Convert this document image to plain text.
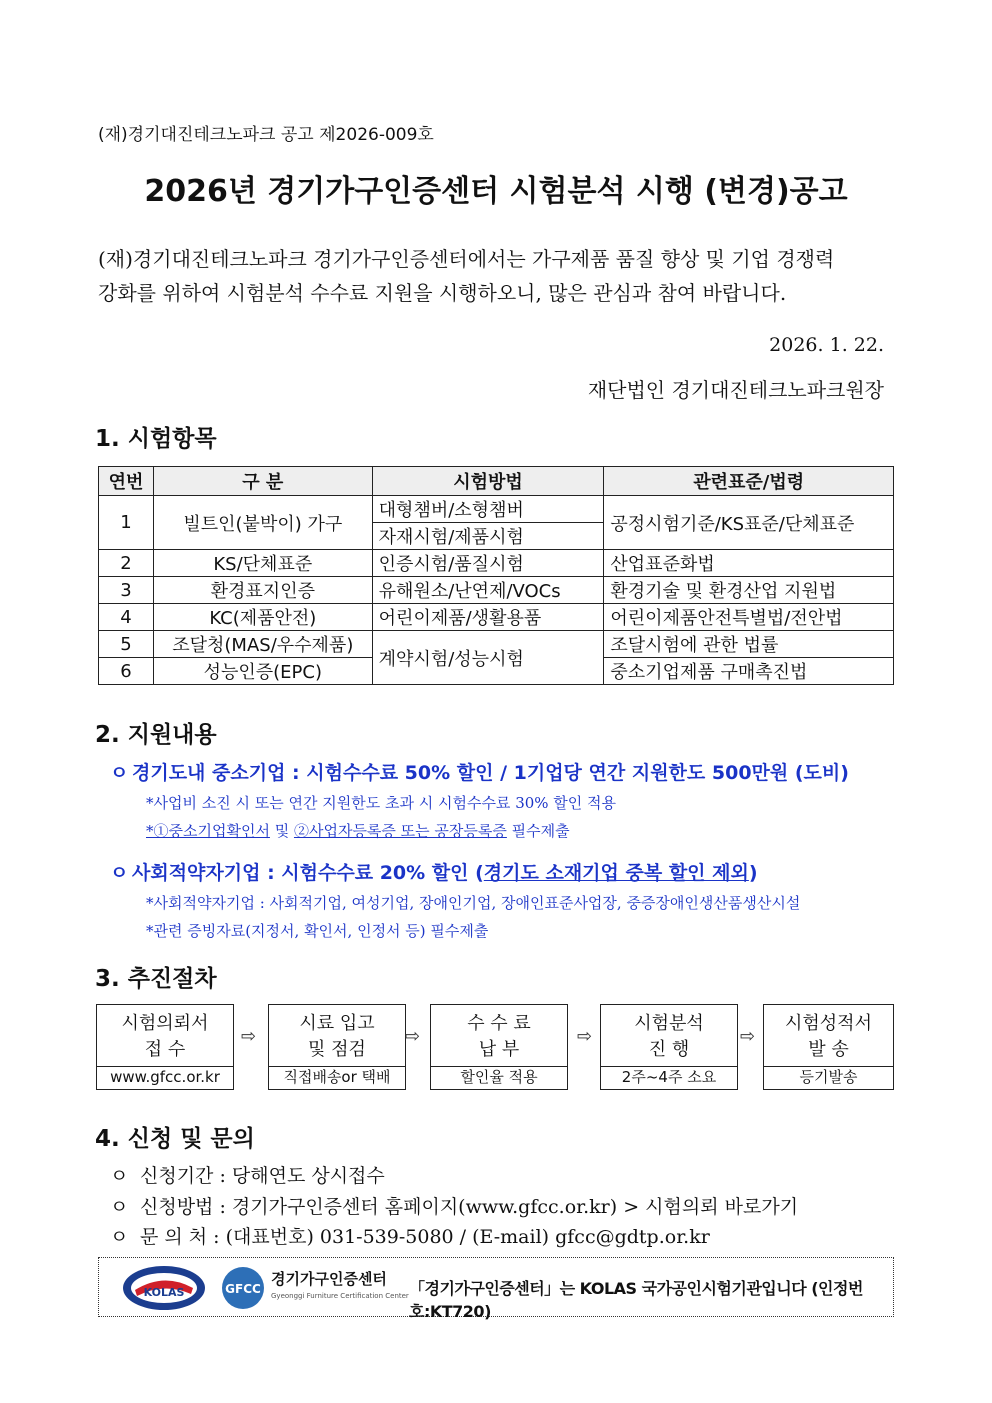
(재)경기대진테크노파크 공고 제2026-009호
2026년 경기가구인증센터 시험분석 시행 (변경)공고
(재)경기대진테크노파크 경기가구인증센터에서는 가구제품 품질 향상 및 기업 경쟁력
강화를 위하여 시험분석 수수료 지원을 시행하오니, 많은 관심과 참여 바랍니다.
2026. 1. 22.
재단법인 경기대진테크노파크원장
1. 시험항목
연번	구 분	시험방법	관련표준/법령
1	빌트인(붙박이) 가구	대형챔버/소형챔버	공정시험기준/KS표준/단체표준
		자재시험/제품시험	
2	KS/단체표준	인증시험/품질시험	산업표준화법
3	환경표지인증	유해원소/난연제/VOCs	환경기술 및 환경산업 지원법
4	KC(제품안전)	어린이제품/생활용품	어린이제품안전특별법/전안법
5	조달청(MAS/우수제품)	계약시험/성능시험	조달시험에 관한 법률
6	성능인증(EPC)		중소기업제품 구매촉진법
2. 지원내용
ㅇ 경기도내 중소기업 : 시험수수료 50% 할인 / 1기업당 연간 지원한도 500만원 (도비)
*사업비 소진 시 또는 연간 지원한도 초과 시 시험수수료 30% 할인 적용
*①중소기업확인서 및 ②사업자등록증 또는 공장등록증 필수제출
ㅇ 사회적약자기업 : 시험수수료 20% 할인 (경기도 소재기업 중복 할인 제외)
*사회적약자기업 : 사회적기업, 여성기업, 장애인기업, 장애인표준사업장, 중증장애인생산품생산시설
*관련 증빙자료(지정서, 확인서, 인정서 등) 필수제출
3. 추진절차
시험의뢰서
접 수
www.gfcc.or.kr
⇨
시료 입고
및 점검
직접배송or 택배
⇨
수 수 료
납 부
할인율 적용
⇨
시험분석
진 행
2주~4주 소요
⇨
시험성적서
발 송
등기발송
4. 신청 및 문의
ㅇ 신청기간 : 당해연도 상시접수
ㅇ 신청방법 : 경기가구인증센터 홈페이지(www.gfcc.or.kr) > 시험의뢰 바로가기
ㅇ 문 의 처 : (대표번호) 031-539-5080 / (E-mail) gfcc@gdtp.or.kr
KOLAS	GFCC
경기가구인증센터
Gyeonggi Furniture Certification Center 「경기가구인증센터」는 KOLAS 국가공인시험기관입니다 (인정번호:KT720)
